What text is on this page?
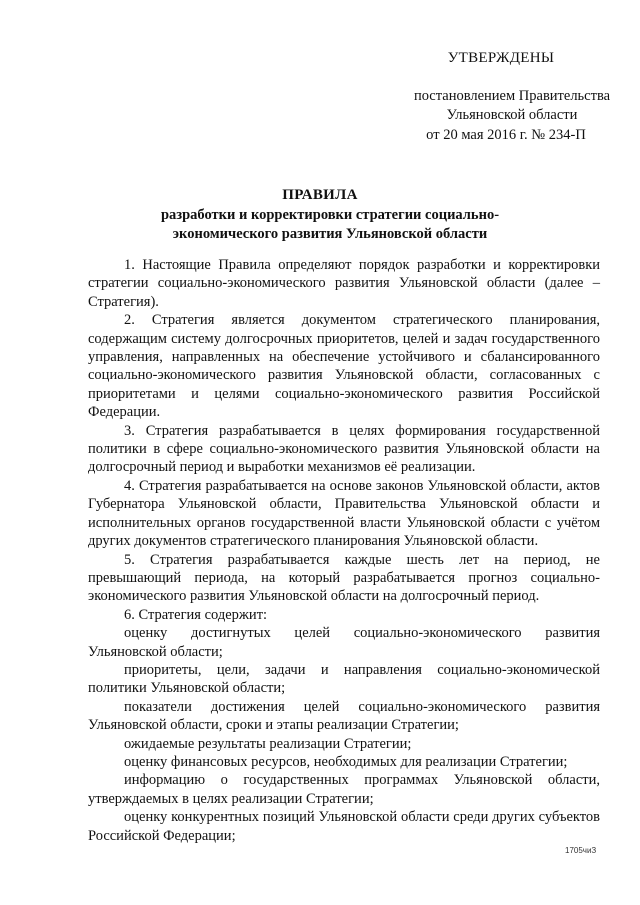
УТВЕРЖДЕНЫ
постановлением Правительства
Ульяновской области
от 20 мая 2016 г. № 234-П
ПРАВИЛА
разработки и корректировки стратегии социально-
экономического развития Ульяновской области

1. Настоящие Правила определяют порядок разработки и корректировки стратегии социально-экономического развития Ульяновской области (далее – Стратегия).

2. Стратегия является документом стратегического планирования, содержащим систему долгосрочных приоритетов, целей и задач государственного управления, направленных на обеспечение устойчивого и сбалансированного социально-экономического развития Ульяновской области, согласованных с приоритетами и целями социально-экономического развития Российской Федерации.

3. Стратегия разрабатывается в целях формирования государственной политики в сфере социально-экономического развития Ульяновской области на долгосрочный период и выработки механизмов её реализации.

4. Стратегия разрабатывается на основе законов Ульяновской области, актов Губернатора Ульяновской области, Правительства Ульяновской области и исполнительных органов государственной власти Ульяновской области с учётом других документов стратегического планирования Ульяновской области.

5. Стратегия разрабатывается каждые шесть лет на период, не превышающий периода, на который разрабатывается прогноз социально-экономического развития Ульяновской области на долгосрочный период.

6. Стратегия содержит:

оценку достигнутых целей социально-экономического развития Ульяновской области;

приоритеты, цели, задачи и направления социально-экономической политики Ульяновской области;

показатели достижения целей социально-экономического развития Ульяновской области, сроки и этапы реализации Стратегии;

ожидаемые результаты реализации Стратегии;

оценку финансовых ресурсов, необходимых для реализации Стратегии;

информацию о государственных программах Ульяновской области, утверждаемых в целях реализации Стратегии;

оценку конкурентных позиций Ульяновской области среди других субъектов Российской Федерации;

1705чиЗ
